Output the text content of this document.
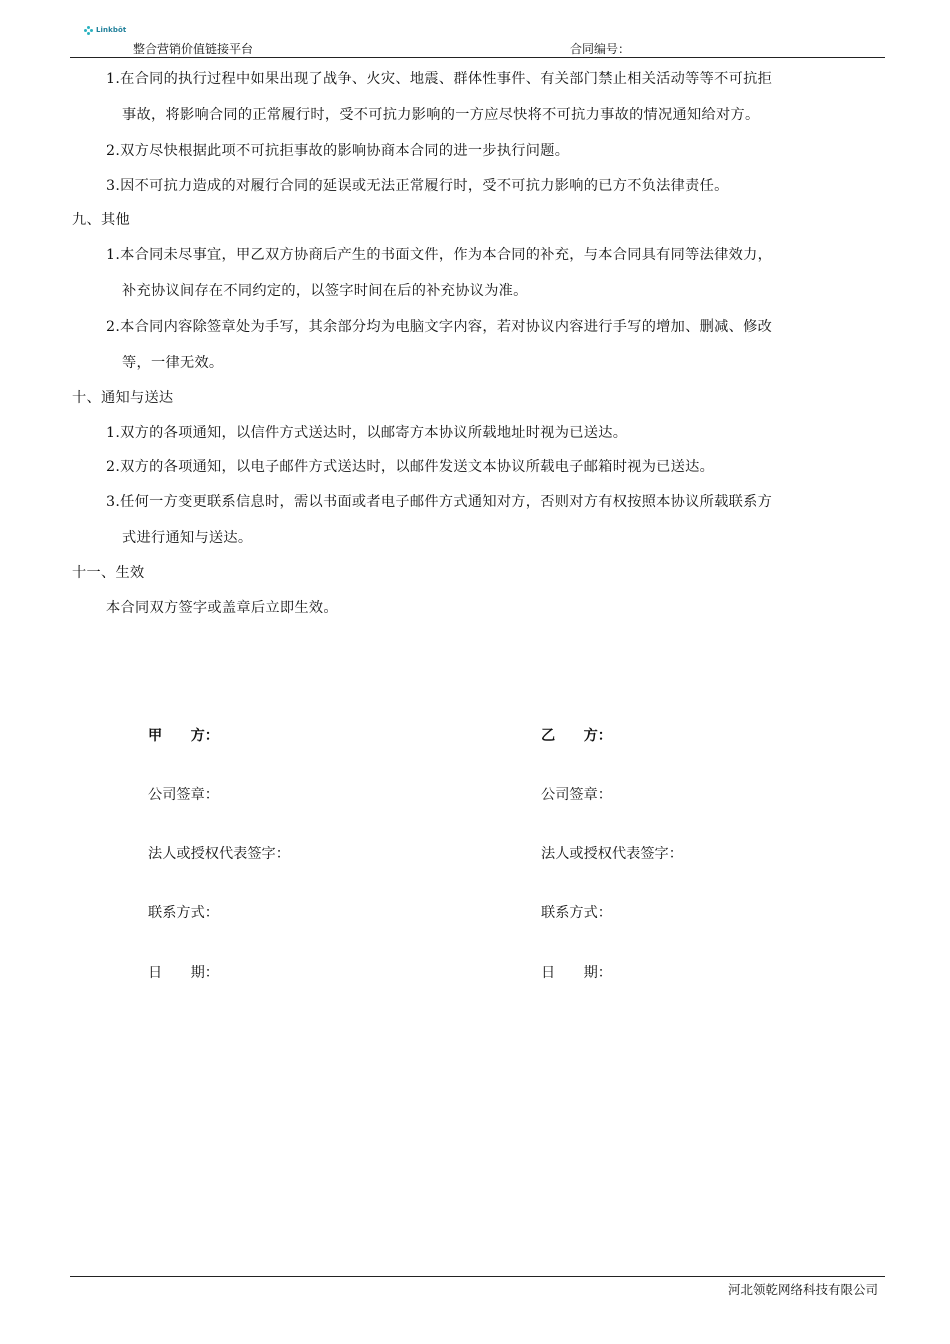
Linkbōt
整合营销价值链接平台	合同编号：
1.在合同的执行过程中如果出现了战争、火灾、地震、群体性事件、有关部门禁止相关活动等等不可抗拒
事故，将影响合同的正常履行时，受不可抗力影响的一方应尽快将不可抗力事故的情况通知给对方。
2.双方尽快根据此项不可抗拒事故的影响协商本合同的进一步执行问题。
3.因不可抗力造成的对履行合同的延误或无法正常履行时，受不可抗力影响的已方不负法律责任。
九、其他
1.本合同未尽事宜，甲乙双方协商后产生的书面文件，作为本合同的补充，与本合同具有同等法律效力，
补充协议间存在不同约定的，以签字时间在后的补充协议为准。
2.本合同内容除签章处为手写，其余部分均为电脑文字内容，若对协议内容进行手写的增加、删减、修改
等，一律无效。
十、通知与送达
1.双方的各项通知，以信件方式送达时，以邮寄方本协议所载地址时视为已送达。
2.双方的各项通知，以电子邮件方式送达时，以邮件发送文本协议所载电子邮箱时视为已送达。
3.任何一方变更联系信息时，需以书面或者电子邮件方式通知对方，否则对方有权按照本协议所载联系方
式进行通知与送达。
十一、生效
本合同双方签字或盖章后立即生效。
甲　　方：
公司签章：
法人或授权代表签字：
联系方式：
日　　期：
乙　　方：
公司签章：
法人或授权代表签字：
联系方式：
日　　期：
河北领乾网络科技有限公司
